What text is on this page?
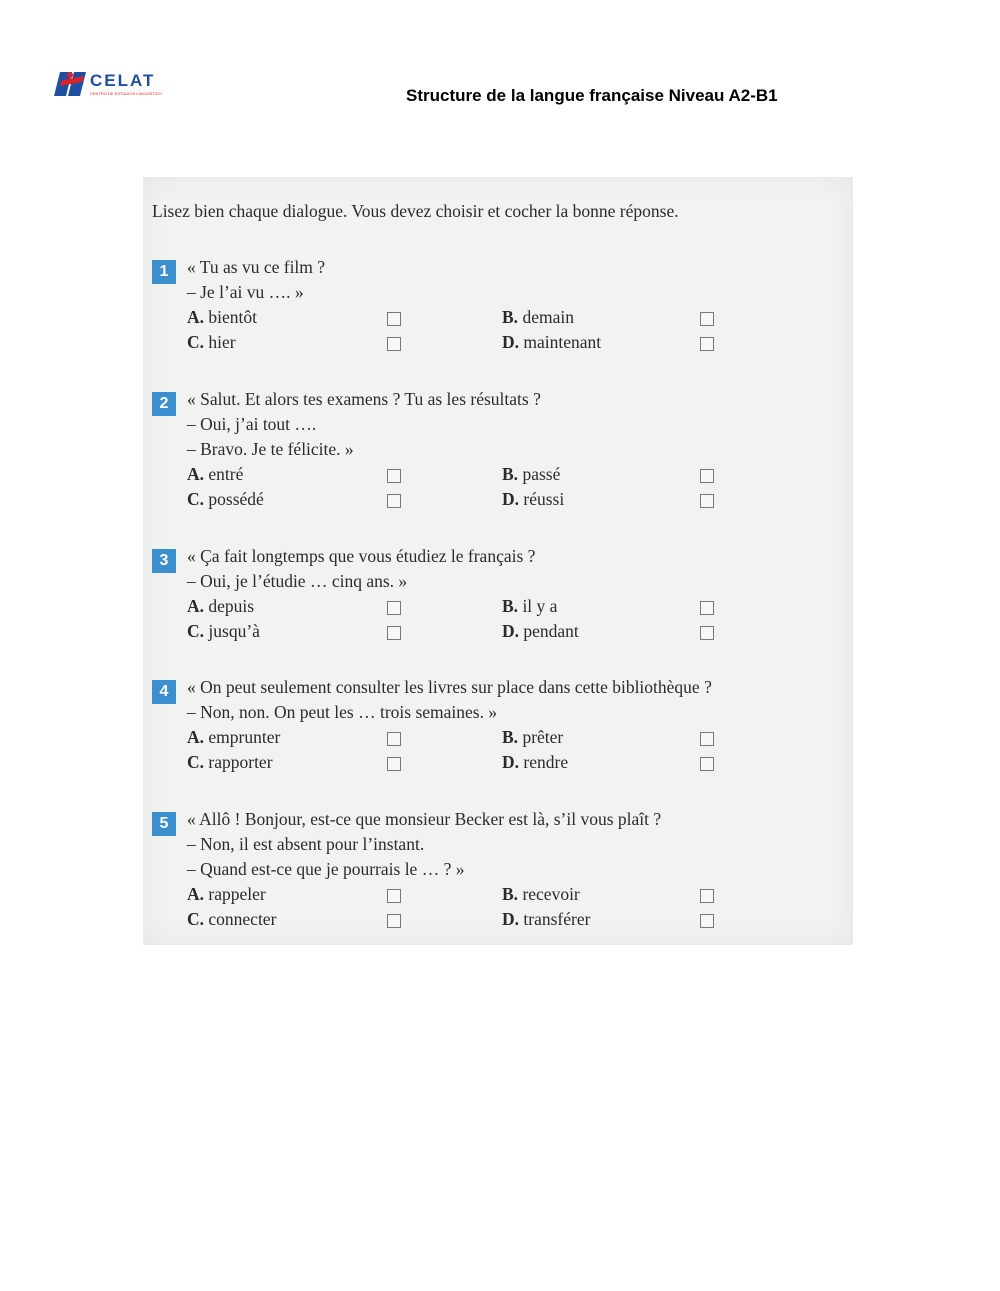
CELAT
CENTRO DE ESTUDIOS LINGÜÍSTICOS	Structure de la langue française Niveau A2-B1
Lisez bien chaque dialogue. Vous devez choisir et cocher la bonne réponse.
1	« Tu as vu ce film ?
– Je l’ai vu …. »
A. bientôt	B. demain
C. hier	D. maintenant
2	« Salut. Et alors tes examens ? Tu as les résultats ?
– Oui, j’ai tout ….
– Bravo. Je te félicite. »
A. entré	B. passé
C. possédé	D. réussi
3	« Ça fait longtemps que vous étudiez le français ?
– Oui, je l’étudie … cinq ans. »
A. depuis	B. il y a
C. jusqu’à	D. pendant
4	« On peut seulement consulter les livres sur place dans cette bibliothèque ?
– Non, non. On peut les … trois semaines. »
A. emprunter	B. prêter
C. rapporter	D. rendre
5	« Allô ! Bonjour, est-ce que monsieur Becker est là, s’il vous plaît ?
– Non, il est absent pour l’instant.
– Quand est-ce que je pourrais le … ? »
A. rappeler	B. recevoir
C. connecter	D. transférer
